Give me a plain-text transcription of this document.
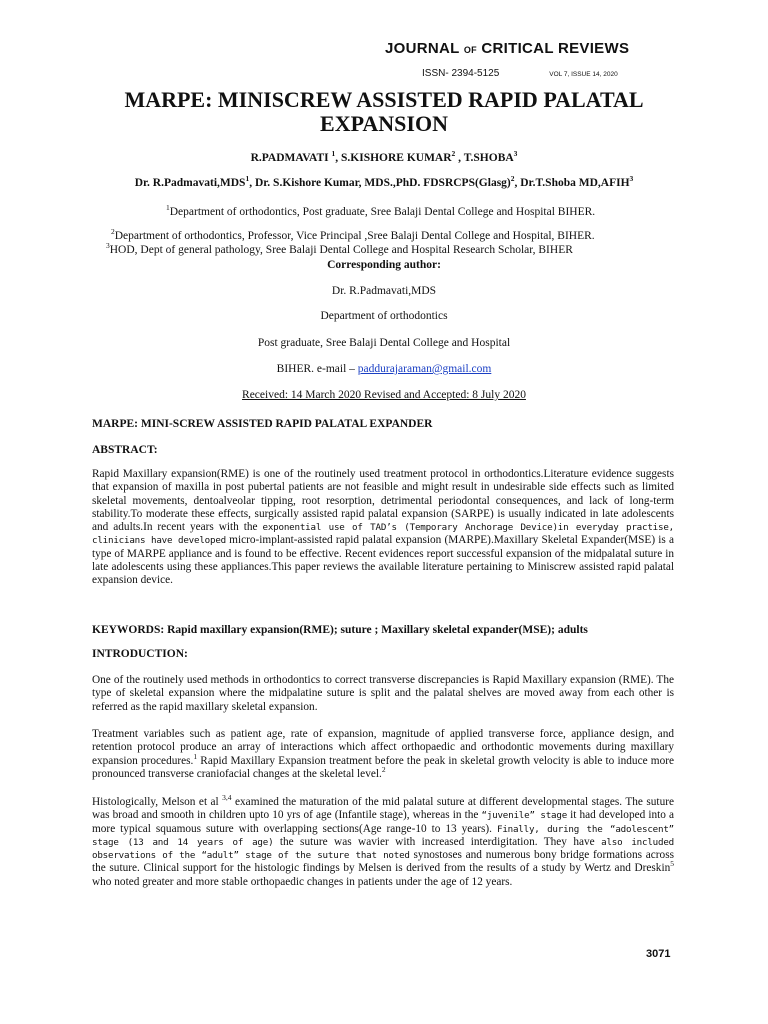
JOURNAL OF CRITICAL REVIEWS
ISSN- 2394-5125	VOL 7, ISSUE 14, 2020
MARPE: MINISCREW ASSISTED RAPID PALATAL EXPANSION
R.PADMAVATI $^1$, S.KISHORE KUMAR$^2$ , T.SHOBA$^3$
Dr. R.Padmavati,MDS$^1$, Dr. S.Kishore Kumar, MDS.,PhD. FDSRCPS(Glasg)$^2$, Dr.T.Shoba MD,AFIH$^3$
$^1$Department of orthodontics, Post graduate, Sree Balaji Dental College and Hospital BIHER.
$^2$Department of orthodontics, Professor, Vice Principal ,Sree Balaji Dental College and Hospital, BIHER.
$^3$HOD, Dept of general pathology, Sree Balaji Dental College and Hospital Research Scholar, BIHER
Corresponding author:
Dr. R.Padmavati,MDS
Department of orthodontics
Post graduate, Sree Balaji Dental College and Hospital
BIHER. e-mail – paddurajaraman@gmail.com
Received: 14 March 2020 Revised and Accepted: 8 July 2020
MARPE: MINI-SCREW ASSISTED RAPID PALATAL EXPANDER
ABSTRACT:

Rapid Maxillary expansion(RME) is one of the routinely used treatment protocol in orthodontics.Literature evidence suggests that expansion of maxilla in post pubertal patients are not feasible and might result in undesirable side effects such as limited skeletal movements, dentoalveolar tipping, root resorption, detrimental periodontal consequences, and lack of long-term stability.To moderate these effects, surgically assisted rapid palatal expansion (SARPE) is usually indicated in late adolescents and adults.In recent years with the exponential use of TAD’s (Temporary Anchorage Device)in everyday practise, clinicians have developed micro-implant-assisted rapid palatal expansion (MARPE).Maxillary Skeletal Expander(MSE) is a type of MARPE appliance and is found to be effective. Recent evidences report successful expansion of the midpalatal suture in late adolescents using these appliances.This paper reviews the available literature pertaining to Miniscrew assisted rapid palatal expansion device.

KEYWORDS: Rapid maxillary expansion(RME); suture ; Maxillary skeletal expander(MSE); adults
INTRODUCTION:

One of the routinely used methods in orthodontics to correct transverse discrepancies is Rapid Maxillary expansion (RME). The type of skeletal expansion where the midpalatine suture is split and the palatal shelves are moved away from each other is referred as the rapid maxillary skeletal expansion.

Treatment variables such as patient age, rate of expansion, magnitude of applied transverse force, appliance design, and retention protocol produce an array of interactions which affect orthopaedic and orthodontic movements during maxillary expansion procedures.$^1$ Rapid Maxillary Expansion treatment before the peak in skeletal growth velocity is able to induce more pronounced transverse craniofacial changes at the skeletal level.$^2$

Histologically, Melson et al $^{3,4}$ examined the maturation of the mid palatal suture at different developmental stages. The suture was broad and smooth in children upto 10 yrs of age (Infantile stage), whereas in the “juvenile” stage it had developed into a more typical squamous suture with overlapping sections(Age range-10 to 13 years). Finally, during the “adolescent” stage (13 and 14 years of age) the suture was wavier with increased interdigitation. They have also included observations of the “adult” stage of the suture that noted synostoses and numerous bony bridge formations across the suture. Clinical support for the histologic findings by Melsen is derived from the results of a study by Wertz and Dreskin$^5$ who noted greater and more stable orthopaedic changes in patients under the age of 12 years.

3071
